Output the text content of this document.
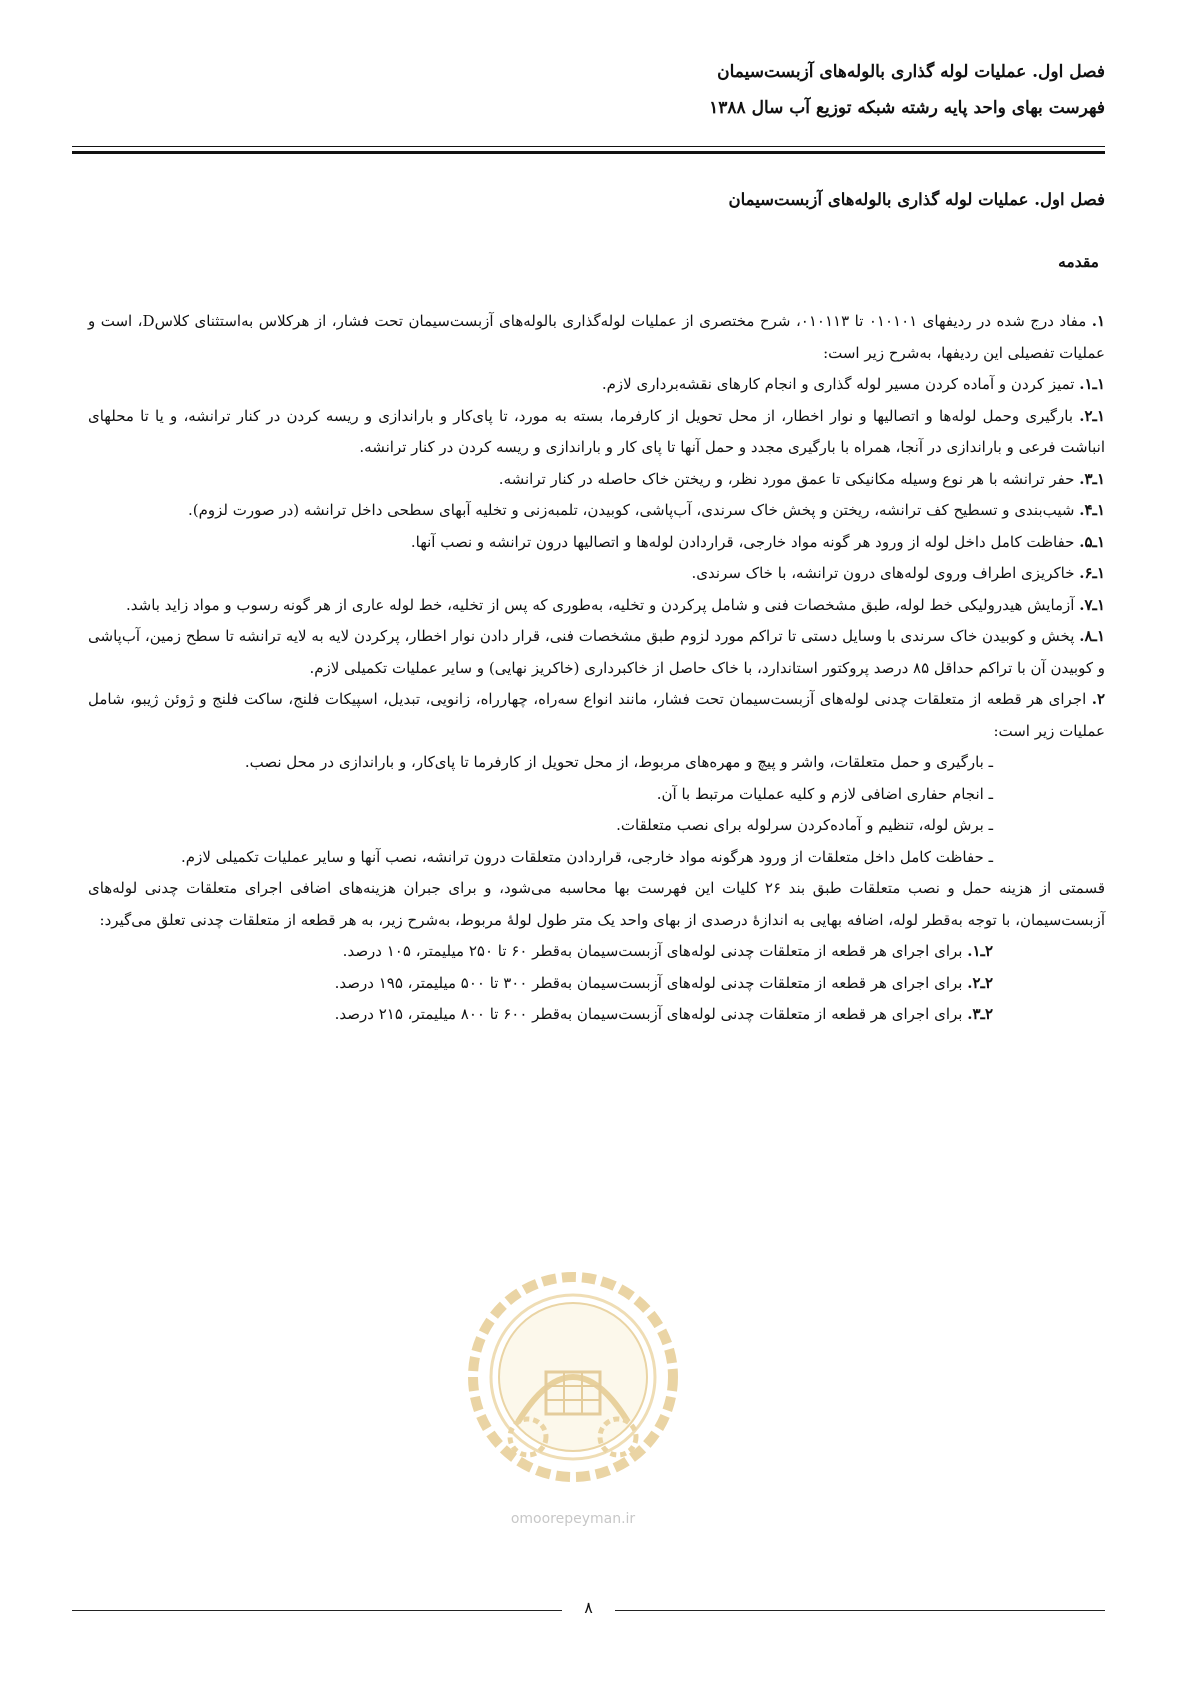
فصل اول. عملیات لوله گذاری بالوله‌های آزبست‌سیمان
فهرست بهای واحد پایه رشته شبکه توزیع آب سال ۱۳۸۸

فصل اول. عملیات لوله گذاری بالوله‌های آزبست‌سیمان

مقدمه

۱. مفاد درج شده در ردیفهای ۰۱۰۱۰۱ تا ۰۱۰۱۱۳، شرح مختصری از عملیات لوله‌گذاری بالوله‌های آزبست‌سیمان تحت فشار، از هرکلاس بەاستثنای کلاسD، است و عملیات تفصیلی این ردیفها، بەشرح زیر است:

۱ـ۱. تمیز کردن و آماده کردن مسیر لوله گذاری و انجام کارهای نقشه‌برداری لازم.

۱ـ۲. بارگیری وحمل لوله‌ها و اتصالیها و نوار اخطار، از محل تحویل از کارفرما، بسته به مورد، تا پای‌کار و باراندازی و ریسه کردن در کنار ترانشه، و یا تا محلهای انباشت فرعی و باراندازی در آنجا، همراه با بارگیری مجدد و حمل آنها تا پای کار و باراندازی و ریسه کردن در کنار ترانشه.

۱ـ۳. حفر ترانشه با هر نوع وسیله مکانیکی تا عمق مورد نظر، و ریختن خاک حاصله در کنار ترانشه.

۱ـ۴. شیب‌بندی و تسطیح کف ترانشه، ریختن و پخش خاک سرندی، آب‌پاشی، کوبیدن، تلمبه‌زنی و تخلیه آبهای سطحی داخل ترانشه (در صورت لزوم).

۱ـ۵. حفاظت کامل داخل لوله از ورود هر گونه مواد خارجی، قراردادن لوله‌ها و اتصالیها درون ترانشه و نصب آنها.

۱ـ۶. خاکریزی اطراف وروی لوله‌های درون ترانشه، با خاک سرندی.

۱ـ۷. آزمایش هیدرولیکی خط لوله، طبق مشخصات فنی و شامل پرکردن و تخلیه، بەطوری که پس از تخلیه، خط لوله عاری از هر گونه رسوب و مواد زاید باشد.

۱ـ۸. پخش و کوبیدن خاک سرندی با وسایل دستی تا تراکم مورد لزوم طبق مشخصات فنی، قرار دادن نوار اخطار، پرکردن لایه به لایه ترانشه تا سطح زمین، آب‌پاشی و کوبیدن آن با تراکم حداقل ۸۵ درصد پروکتور استاندارد، با خاک حاصل از خاکبرداری (خاکریز نهایی) و سایر عملیات تکمیلی لازم.

۲. اجرای هر قطعه از متعلقات چدنی لوله‌های آزبست‌سیمان تحت فشار، مانند انواع سه‌راه، چهارراه، زانویی، تبدیل، اسپیکات فلنج، ساکت فلنج و ژوئن ژیبو، شامل عملیات زیر است:

ـ بارگیری و حمل متعلقات، واشر و پیچ و مهره‌های مربوط، از محل تحویل از کارفرما تا پای‌کار، و باراندازی در محل نصب.

ـ انجام حفاری اضافی لازم و کلیه عملیات مرتبط با آن.

ـ برش لوله، تنظیم و آماده‌کردن سرلوله برای نصب متعلقات.

ـ حفاظت کامل داخل متعلقات از ورود هرگونه مواد خارجی، قراردادن متعلقات درون ترانشه، نصب آنها و سایر عملیات تکمیلی لازم.

قسمتی از هزینه حمل و نصب متعلقات طبق بند ۲۶ کلیات این فهرست بها محاسبه می‌شود، و برای جبران هزینه‌های اضافی اجرای متعلقات چدنی لوله‌های آزبست‌سیمان، با توجه بەقطر لوله، اضافه بهایی به اندازهٔ درصدی از بهای واحد یک متر طول لولهٔ مربوط، بەشرح زیر، به هر قطعه از متعلقات چدنی تعلق می‌گیرد:

۲ـ۱. برای اجرای هر قطعه از متعلقات چدنی لوله‌های آزبست‌سیمان بەقطر ۶۰ تا ۲۵۰ میلیمتر، ۱۰۵ درصد.

۲ـ۲. برای اجرای هر قطعه از متعلقات چدنی لوله‌های آزبست‌سیمان بەقطر ۳۰۰ تا ۵۰۰ میلیمتر، ۱۹۵ درصد.

۲ـ۳. برای اجرای هر قطعه از متعلقات چدنی لوله‌های آزبست‌سیمان بەقطر ۶۰۰ تا ۸۰۰ میلیمتر، ۲۱۵ درصد.

omoorepeyman.ir
۸
